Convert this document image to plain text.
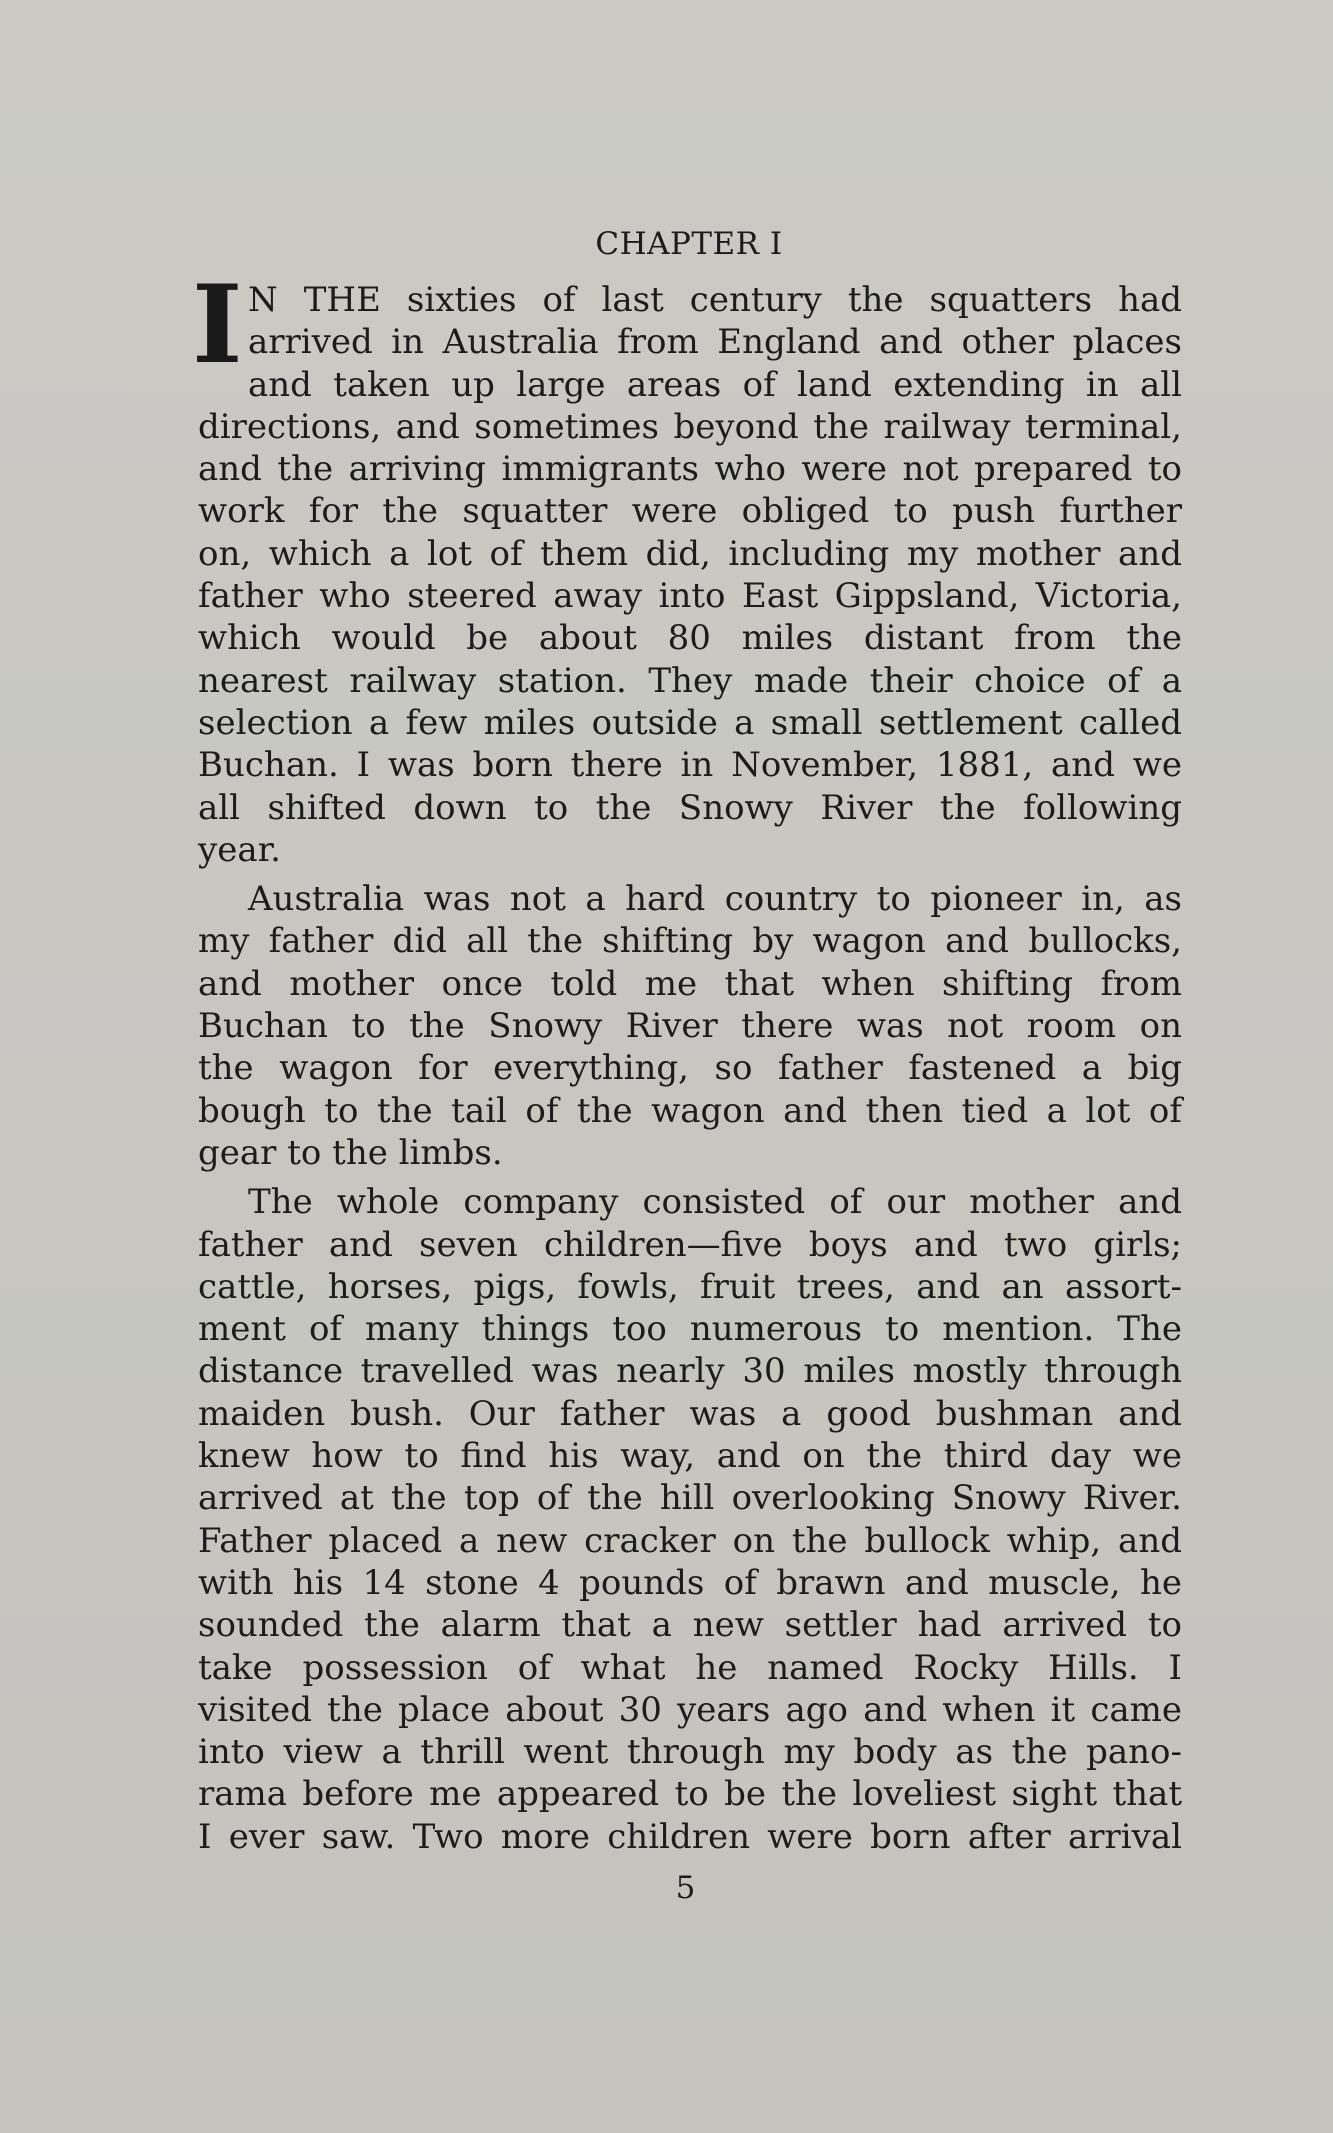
CHAPTER I
I N THE sixties of last century the squatters had
arrived in Australia from England and other places
and taken up large areas of land extending in all
directions, and sometimes beyond the railway terminal,
and the arriving immigrants who were not prepared to
work for the squatter were obliged to push further
on, which a lot of them did, including my mother and
father who steered away into East Gippsland, Victoria,
which would be about 80 miles distant from the
nearest railway station. They made their choice of a
selection a few miles outside a small settlement called
Buchan. I was born there in November, 1881, and we
all shifted down to the Snowy River the following
year.
Australia was not a hard country to pioneer in, as
my father did all the shifting by wagon and bullocks,
and mother once told me that when shifting from
Buchan to the Snowy River there was not room on
the wagon for everything, so father fastened a big
bough to the tail of the wagon and then tied a lot of
gear to the limbs.
The whole company consisted of our mother and
father and seven children—five boys and two girls;
cattle, horses, pigs, fowls, fruit trees, and an assort-
ment of many things too numerous to mention. The
distance travelled was nearly 30 miles mostly through
maiden bush. Our father was a good bushman and
knew how to find his way, and on the third day we
arrived at the top of the hill overlooking Snowy River.
Father placed a new cracker on the bullock whip, and
with his 14 stone 4 pounds of brawn and muscle, he
sounded the alarm that a new settler had arrived to
take possession of what he named Rocky Hills. I
visited the place about 30 years ago and when it came
into view a thrill went through my body as the pano-
rama before me appeared to be the loveliest sight that
I ever saw. Two more children were born after arrival
5
